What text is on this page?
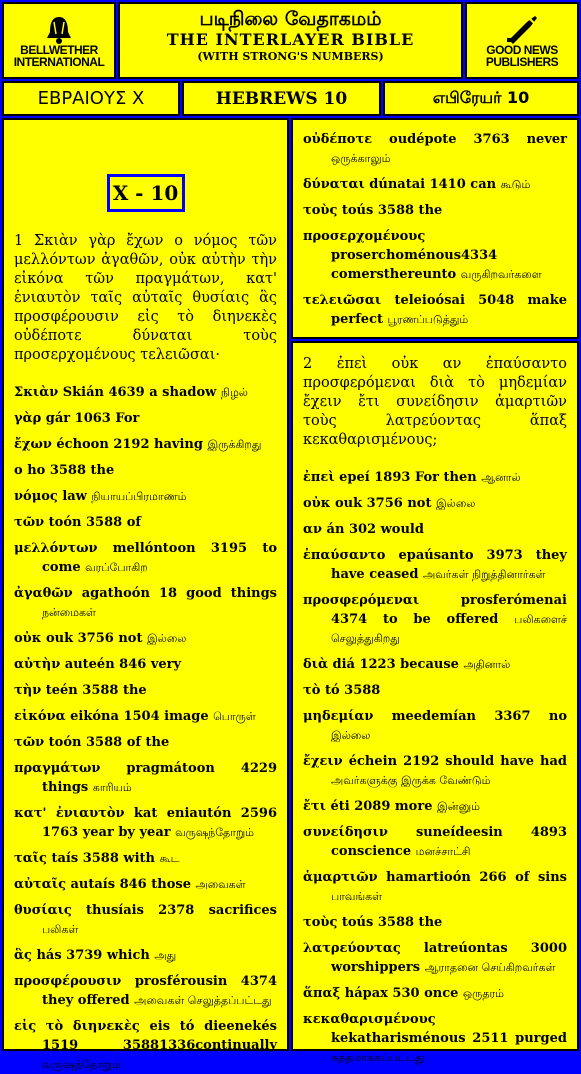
BELLWETHER
INTERNATIONAL
படிநிலை வேதாகமம்
THE INTERLAYER BIBLE
(WITH STRONG'S NUMBERS)	GOOD NEWS
PUBLISHERS
ΕΒΡΑΙΟΥΣ X	HEBREWS 10	எபிரேயர் 10
X - 10
1 Σκιὰν γὰρ ἔχων ο νόμος τῶν μελλόντων ἀγαθῶν, οὐκ αὐτὴν τὴν εἰκόνα τῶν πραγμάτων, κατ' ἐνιαυτὸν ταῖς αὐταῖς θυσίαις ἃς προσφέρουσιν εἰς τὸ διηνεκὲς οὐδέποτε δύναται τοὺς προσερχομένους τελειῶσαι·
Σκιὰν Skián 4639 a shadow நிழல்
γὰρ gár 1063 For
ἔχων échoon 2192 having இருக்கிறது
ο ho 3588 the
νόμος law நியாயப்பிரமாணம்
τῶν toón 3588 of
μελλόντων mellóntoon 3195 to come வரப்போகிற
ἀγαθῶν agathoón 18 good things நன்மைகள்
οὐκ ouk 3756 not இல்லை
αὐτὴν auteén 846 very
τὴν teén 3588 the
εἰκόνα eikóna 1504 image பொருள்
τῶν toón 3588 of the
πραγμάτων pragmátoon 4229 things காரியம்
κατ' ἐνιαυτὸν kat eniautón 2596 1763 year by year வருஷந்தோறும்
ταῖς taís 3588 with கூட
αὐταῖς autaís 846 those அவைகள்
θυσίαις thusíais 2378 sacrifices பலிகள்
ἃς hás 3739 which அது
προσφέρουσιν prosférousin 4374 they offered அவைகள் செலுத்தப்பட்டது
εἰς τὸ διηνεκὲς eis tó dieenekés 1519 35881336continually வருஷந்தோறும்
οὐδέποτε oudépote 3763 never ஒருக்காலும்
δύναται dúnatai 1410 can கூடும்
τοὺς toús 3588 the
προσερχομένους proserchoménous4334 comersthereunto வருகிறவர்களை
τελειῶσαι teleioósai 5048 make perfect பூரணப்படுத்தும்
2 ἐπεὶ οὐκ αν ἐπαύσαντο προσφερόμεναι διὰ τὸ μηδεμίαν ἔχειν ἔτι συνείδησιν ἁμαρτιῶν τοὺς λατρεύοντας ἅπαξ κεκαθαρισμένους;
ἐπεὶ epeí 1893 For then ஆனால்
οὐκ ouk 3756 not இல்லை
αν án 302 would
ἐπαύσαντο epaúsanto 3973 they have ceased அவர்கள் நிறுத்தினார்கள்
προσφερόμεναι prosferómenai 4374 to be offered பலிகளைச் செலுத்துகிறது
διὰ diá 1223 because அதினால்
τὸ tó 3588
μηδεμίαν meedemían 3367 no இல்லை
ἔχειν échein 2192 should have had அவர்களுக்கு இருக்க வேண்டும்
ἔτι éti 2089 more இன்னும்
συνείδησιν suneídeesin 4893 conscience மனச்சாட்சி
ἁμαρτιῶν hamartioón 266 of sins பாவங்கள்
τοὺς toús 3588 the
λατρεύοντας latreúontas 3000 worshippers ஆராதனை செய்கிறவர்கள்
ἅπαξ hápax 530 once ஒருதரம்
κεκαθαρισμένους kekatharisménous 2511 purged சுத்தமாக்கப்பட்டது
